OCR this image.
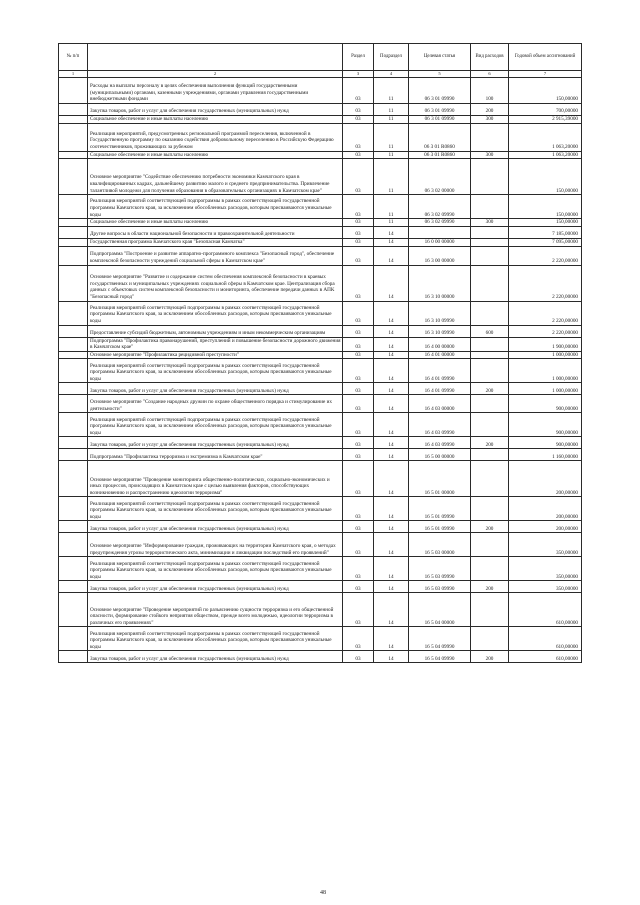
№ п/п		Раздел	Подраздел	Целевая статья	Вид расходов	Годовой объем ассигнований
1	2	3	4	5	6	7
	Расходы на выплаты персоналу в целях обеспечения выполнения функций государственными (муниципальными) органами, казенными учреждениями, органами управления государственными внебюджетными фондами	03	11	06 3 01 09990	100	150,00000
	Закупка товаров, работ и услуг для обеспечения государственных (муниципальных) нужд	03	11	06 3 01 09990	200	700,00000
	Социальное обеспечение и иные выплаты населению	03	11	06 3 01 09990	300	2 915,39000
	Реализация мероприятий, предусмотренных региональной программой переселения, включенной в Государственную программу по оказанию содействия добровольному переселению в Российскую Федерацию соотечественников, проживающих за рубежом	03	11	06 3 01 R0860		1 063,20000
	Социальное обеспечение и иные выплаты населению	03	11	06 3 01 R0860	300	1 063,20000
	Основное мероприятие "Содействие обеспечению потребности экономики Камчатского края в квалифицированных кадрах, дальнейшему развитию малого и среднего предпринимательства. Привлечение талантливой молодежи для получения образования в образовательных организациях в Камчатском крае"	03	11	06 3 02 00000		150,00000
	Реализация мероприятий соответствующей подпрограммы в рамках соответствующей государственной программы Камчатского края, за исключением обособленных расходов, которым присваиваются уникальные коды	03	11	06 3 02 09990		150,00000
	Социальное обеспечение и иные выплаты населению	03	11	06 3 02 09990	300	150,00000
	Другие вопросы в области национальной безопасности и правоохранительной деятельности	03	14			7 185,00000
	Государственная программа Камчатского края "Безопасная Камчатка"	03	14	16 0 00 00000		7 095,00000
	Подпрограмма "Построение и развитие аппаратно-программного комплекса "Безопасный город", обеспечение комплексной безопасности учреждений социальной сферы в Камчатском крае"	03	14	16 3 00 00000		2 220,00000
	Основное мероприятие "Развитие и содержание систем обеспечения комплексной безопасности в краевых государственных и муниципальных учреждениях социальной сферы в Камчатском крае. Централизация сбора данных с объектовых систем комплексной безопасности и мониторинга, обеспечение передачи данных в АПК "Безопасный город"	03	14	16 3 10 00000		2 220,00000
	Реализация мероприятий соответствующей подпрограммы в рамках соответствующей государственной программы Камчатского края, за исключением обособленных расходов, которым присваиваются уникальные коды	03	14	16 3 10 09990		2 220,00000
	Предоставление субсидий бюджетным, автономным учреждениям и иным некоммерческим организациям	03	14	16 3 10 09990	600	2 220,00000
	Подпрограмма "Профилактика правонарушений, преступлений и повышение безопасности дорожного движения в Камчатском крае"	03	14	16 4 00 00000		1 900,00000
	Основное мероприятие "Профилактика рецидивной преступности"	03	14	16 4 01 00000		1 000,00000
	Реализация мероприятий соответствующей подпрограммы в рамках соответствующей государственной программы Камчатского края, за исключением обособленных расходов, которым присваиваются уникальные коды	03	14	16 4 01 09990		1 000,00000
	Закупка товаров, работ и услуг для обеспечения государственных (муниципальных) нужд	03	14	16 4 01 09990	200	1 000,00000
	Основное мероприятие "Создание народных дружин по охране общественного порядка и стимулирование их деятельности"	03	14	16 4 03 00000		900,00000
	Реализация мероприятий соответствующей подпрограммы в рамках соответствующей государственной программы Камчатского края, за исключением обособленных расходов, которым присваиваются уникальные коды	03	14	16 4 03 09990		900,00000
	Закупка товаров, работ и услуг для обеспечения государственных (муниципальных) нужд	03	14	16 4 03 09990	200	900,00000
	Подпрограмма "Профилактика терроризма и экстремизма в Камчатском крае"	03	14	16 5 00 00000		1 160,00000
	Основное мероприятие "Проведение мониторинга общественно-политических, социально-экономических и иных процессов, происходящих в Камчатском крае с целью выявления факторов, способствующих возникновению и распространению идеологии терроризма"	03	14	16 5 01 00000		200,00000
	Реализация мероприятий соответствующей подпрограммы в рамках соответствующей государственной программы Камчатского края, за исключением обособленных расходов, которым присваиваются уникальные коды	03	14	16 5 01 09990		200,00000
	Закупка товаров, работ и услуг для обеспечения государственных (муниципальных) нужд	03	14	16 5 01 09990	200	200,00000
	Основное мероприятие "Информирование граждан, проживающих на территории Камчатского края, о методах предупреждения угрозы террористического акта, минимизации и ликвидации последствий его проявлений"	03	14	16 5 03 00000		350,00000
	Реализация мероприятий соответствующей подпрограммы в рамках соответствующей государственной программы Камчатского края, за исключением обособленных расходов, которым присваиваются уникальные коды	03	14	16 5 03 09990		350,00000
	Закупка товаров, работ и услуг для обеспечения государственных (муниципальных) нужд	03	14	16 5 03 09990	200	350,00000
	Основное мероприятие "Проведение мероприятий по разъяснению сущности терроризма и его общественной опасности, формирование стойкого неприятия обществом, прежде всего молодежью, идеологии терроризма в различных его проявлениях"	03	14	16 5 04 00000		610,00000
	Реализация мероприятий соответствующей подпрограммы в рамках соответствующей государственной программы Камчатского края, за исключением обособленных расходов, которым присваиваются уникальные коды	03	14	16 5 04 09990		610,00000
	Закупка товаров, работ и услуг для обеспечения государственных (муниципальных) нужд	03	14	16 5 04 09990	200	610,00000
48
